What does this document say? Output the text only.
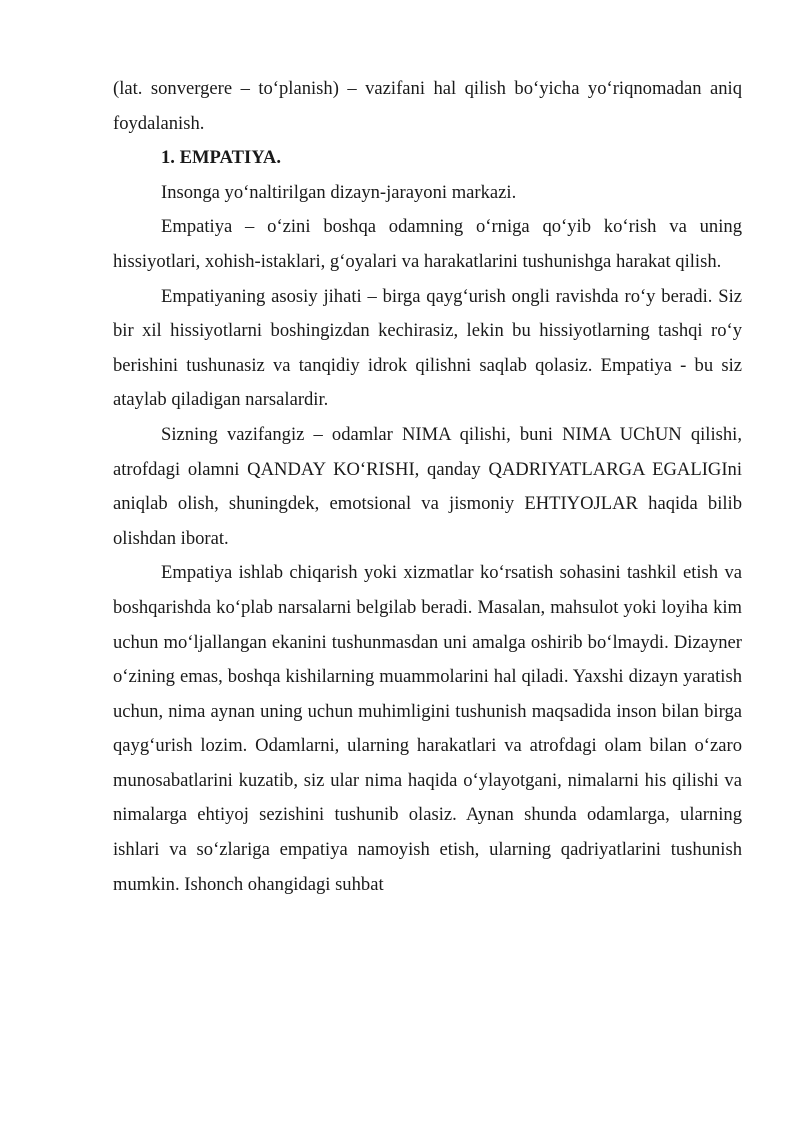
(lat. sonvergere – to‘planish) – vazifani hal qilish bo‘yicha yo‘riqnomadan aniq foydalanish.

1. EMPATIYA.

Insonga yo‘naltirilgan dizayn-jarayoni markazi.

Empatiya – o‘zini boshqa odamning o‘rniga qo‘yib ko‘rish va uning hissiyotlari, xohish-istaklari, g‘oyalari va harakatlarini tushunishga harakat qilish.

Empatiyaning asosiy jihati – birga qayg‘urish ongli ravishda ro‘y beradi. Siz bir xil hissiyotlarni boshingizdan kechirasiz, lekin bu hissiyotlarning tashqi ro‘y berishini tushunasiz va tanqidiy idrok qilishni saqlab qolasiz. Empatiya - bu siz ataylab qiladigan narsalardir.

Sizning vazifangiz – odamlar NIMA qilishi, buni NIMA UChUN qilishi, atrofdagi olamni QANDAY KO‘RISHI, qanday QADRIYATLARGA EGALIGIni aniqlab olish, shuningdek, emotsional va jismoniy EHTIYOJLAR haqida bilib olishdan iborat.

Empatiya ishlab chiqarish yoki xizmatlar ko‘rsatish sohasini tashkil etish va boshqarishda ko‘plab narsalarni belgilab beradi. Masalan, mahsulot yoki loyiha kim uchun mo‘ljallangan ekanini tushunmasdan uni amalga oshirib bo‘lmaydi. Dizayner o‘zining emas, boshqa kishilarning muammolarini hal qiladi. Yaxshi dizayn yaratish uchun, nima aynan uning uchun muhimligini tushunish maqsadida inson bilan birga qayg‘urish lozim. Odamlarni, ularning harakatlari va atrofdagi olam bilan o‘zaro munosabatlarini kuzatib, siz ular nima haqida o‘ylayotgani, nimalarni his qilishi va nimalarga ehtiyoj sezishini tushunib olasiz. Aynan shunda odamlarga, ularning ishlari va so‘zlariga empatiya namoyish etish, ularning qadriyatlarini tushunish mumkin. Ishonch ohangidagi suhbat
